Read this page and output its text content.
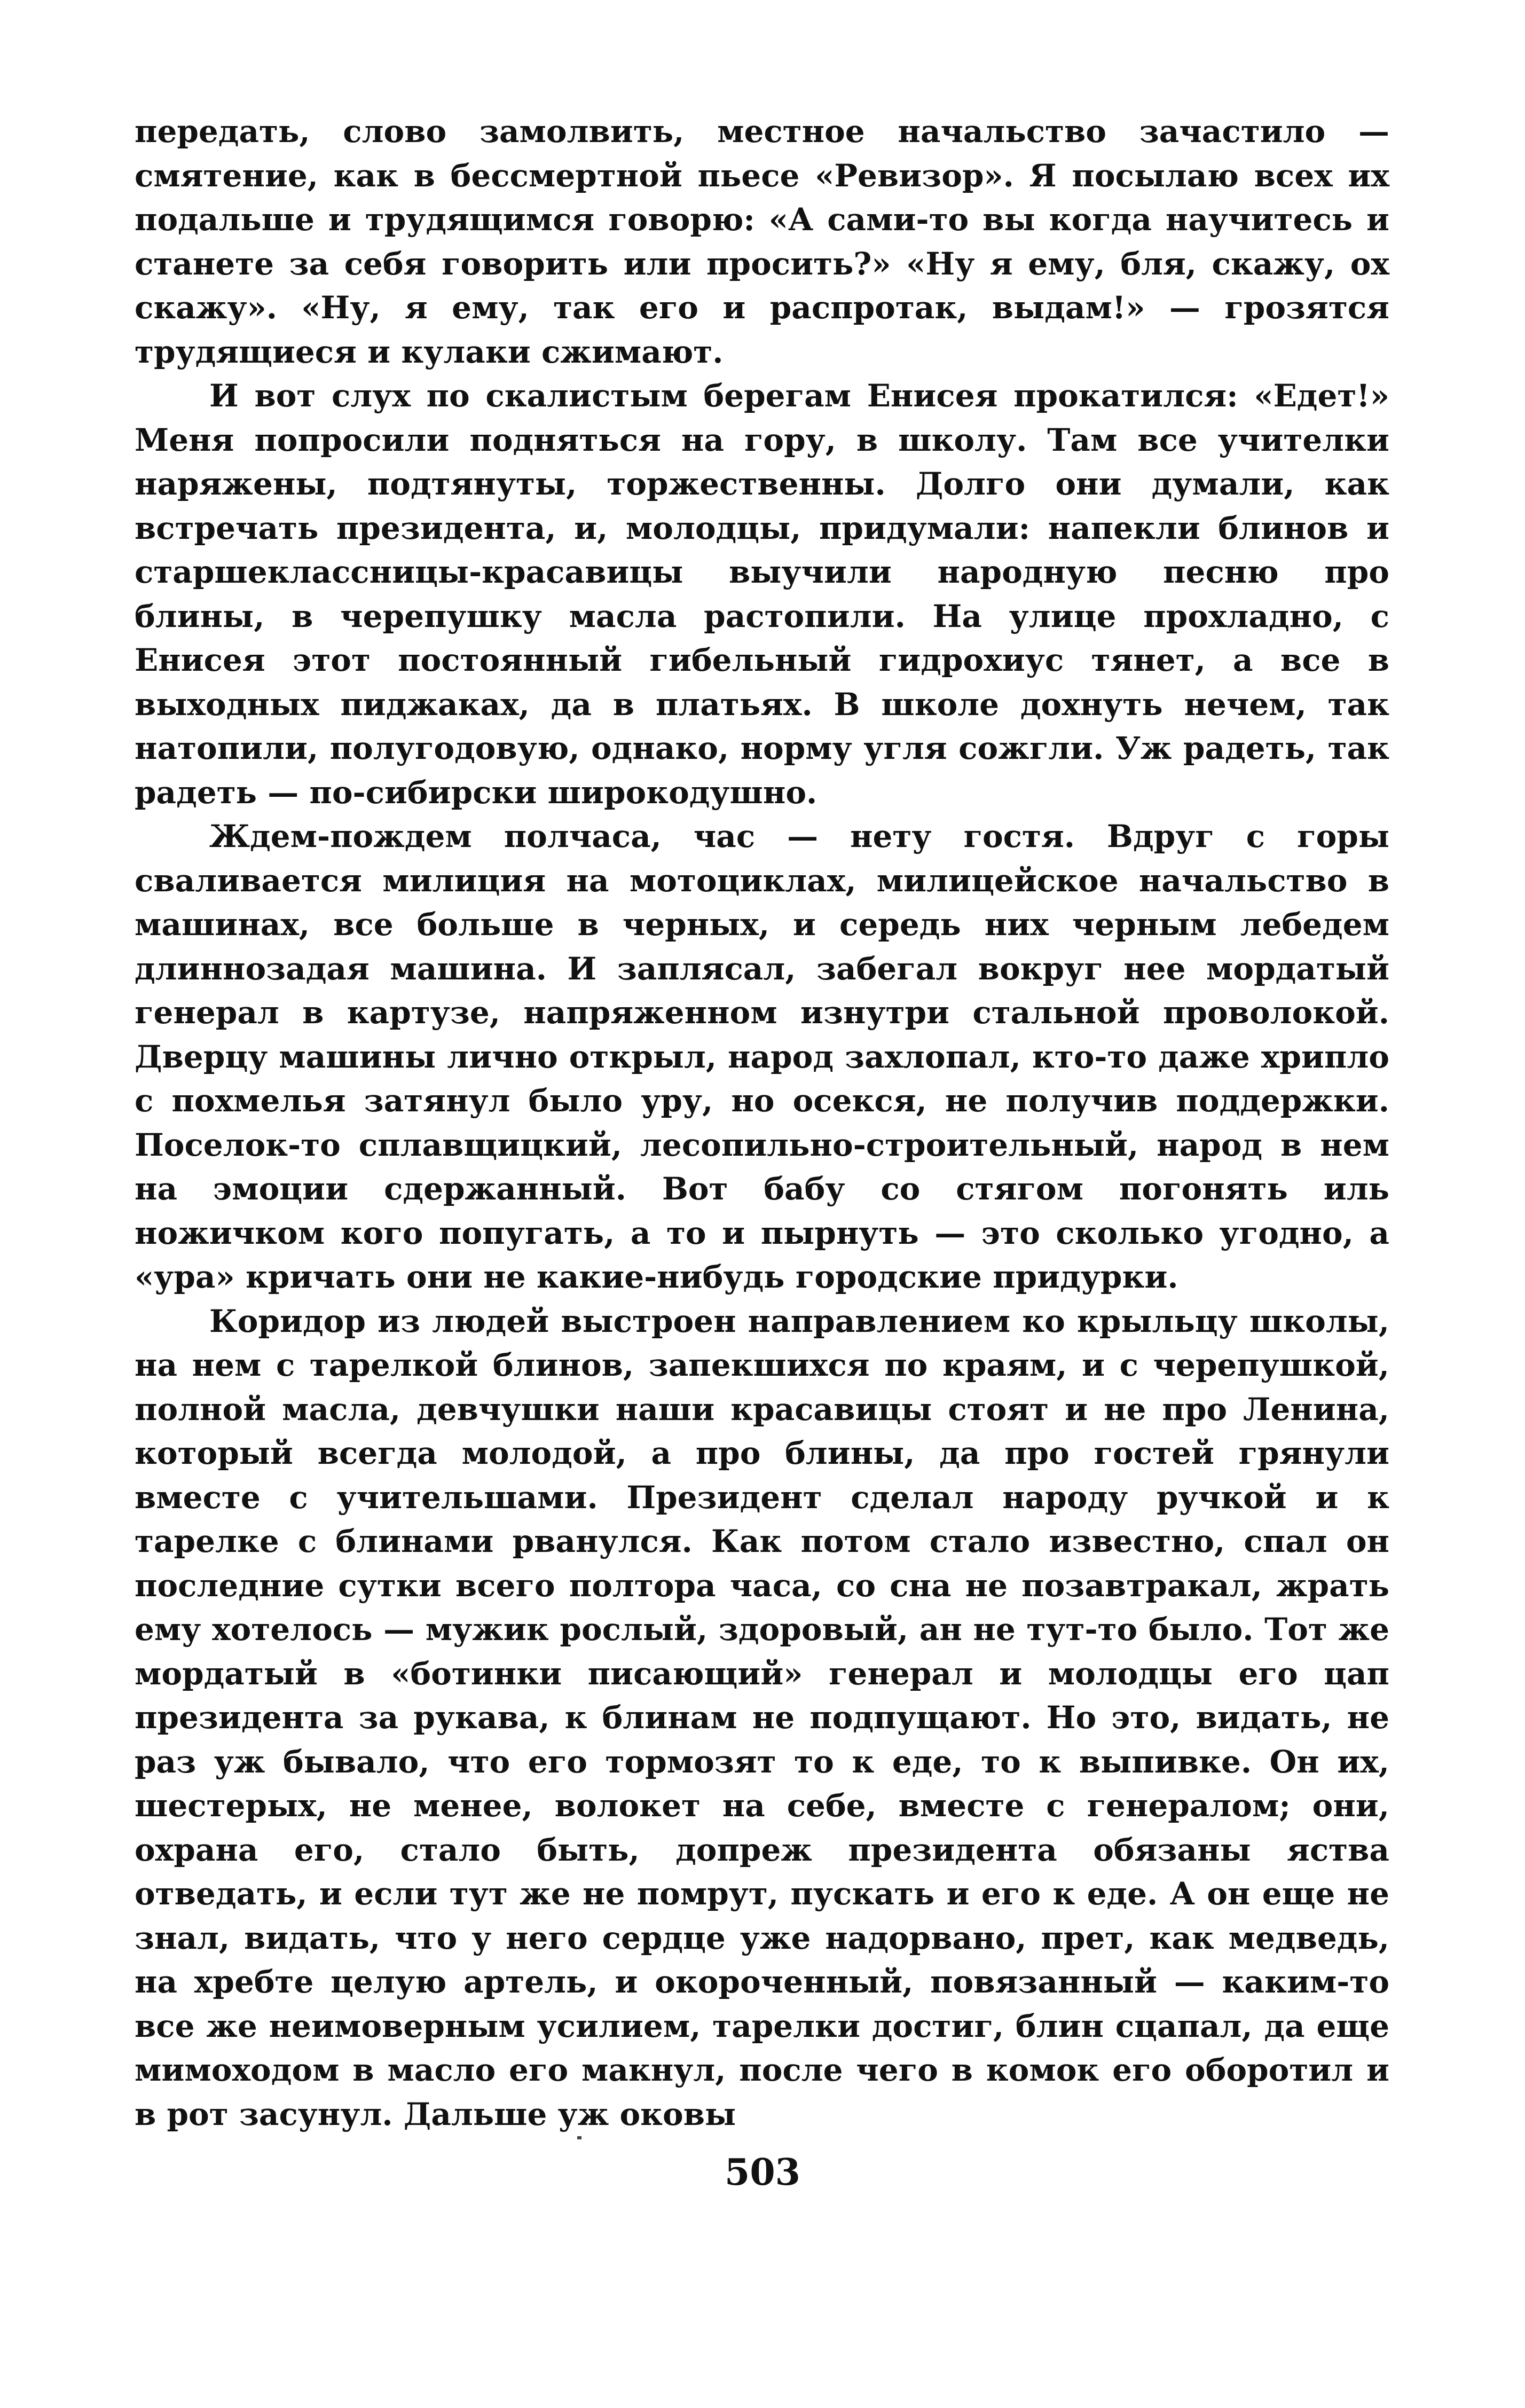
передать, слово замолвить, местное начальство зачастило — смятение, как в бессмертной пьесе «Ревизор». Я посылаю всех их подальше и трудящимся говорю: «А сами-то вы когда научитесь и станете за себя говорить или просить?» «Ну я ему, бля, скажу, ох скажу». «Ну, я ему, так его и распротак, выдам!» — грозятся трудящиеся и кулаки сжимают.

И вот слух по скалистым берегам Енисея прокатился: «Едет!» Меня попросили подняться на гору, в школу. Там все учителки наряжены, подтянуты, торжественны. Долго они думали, как встречать президента, и, молодцы, придумали: напекли блинов и старшеклассницы-красавицы выучили народную песню про блины, в черепушку масла растопили. На улице прохладно, с Енисея этот постоянный гибельный гидрохиус тянет, а все в выходных пиджаках, да в платьях. В школе дохнуть нечем, так натопили, полугодовую, однако, норму угля сожгли. Уж радеть, так радеть — по-сибирски широкодушно.

Ждем-пождем полчаса, час — нету гостя. Вдруг с горы сваливается милиция на мотоциклах, милицейское начальство в машинах, все больше в черных, и середь них черным лебедем длиннозадая машина. И заплясал, забегал вокруг нее мордатый генерал в картузе, напряженном изнутри стальной проволокой. Дверцу машины лично открыл, народ захлопал, кто-то даже хрипло с похмелья затянул было уру, но осекся, не получив поддержки. Поселок-то сплавщицкий, лесопильно-строительный, народ в нем на эмоции сдержанный. Вот бабу со стягом погонять иль ножичком кого попугать, а то и пырнуть — это сколько угодно, а «ура» кричать они не какие-нибудь городские придурки.

Коридор из людей выстроен направлением ко крыльцу школы, на нем с тарелкой блинов, запекшихся по краям, и с черепушкой, полной масла, девчушки наши красавицы стоят и не про Ленина, который всегда молодой, а про блины, да про гостей грянули вместе с учительшами. Президент сделал народу ручкой и к тарелке с блинами рванулся. Как потом стало известно, спал он последние сутки всего полтора часа, со сна не позавтракал, жрать ему хотелось — мужик рослый, здоровый, ан не тут-то было. Тот же мордатый в «ботинки писающий» генерал и молодцы его цап президента за рукава, к блинам не подпущают. Но это, видать, не раз уж бывало, что его тормозят то к еде, то к выпивке. Он их, шестерых, не менее, волокет на себе, вместе с генералом; они, охрана его, стало быть, допреж президента обязаны яства отведать, и если тут же не помрут, пускать и его к еде. А он еще не знал, видать, что у него сердце уже надорвано, прет, как медведь, на хребте целую артель, и окороченный, повязанный — каким-то все же неимоверным усилием, тарелки достиг, блин сцапал, да еще мимоходом в масло его макнул, после чего в комок его оборотил и в рот засунул. Дальше уж оковы

503
